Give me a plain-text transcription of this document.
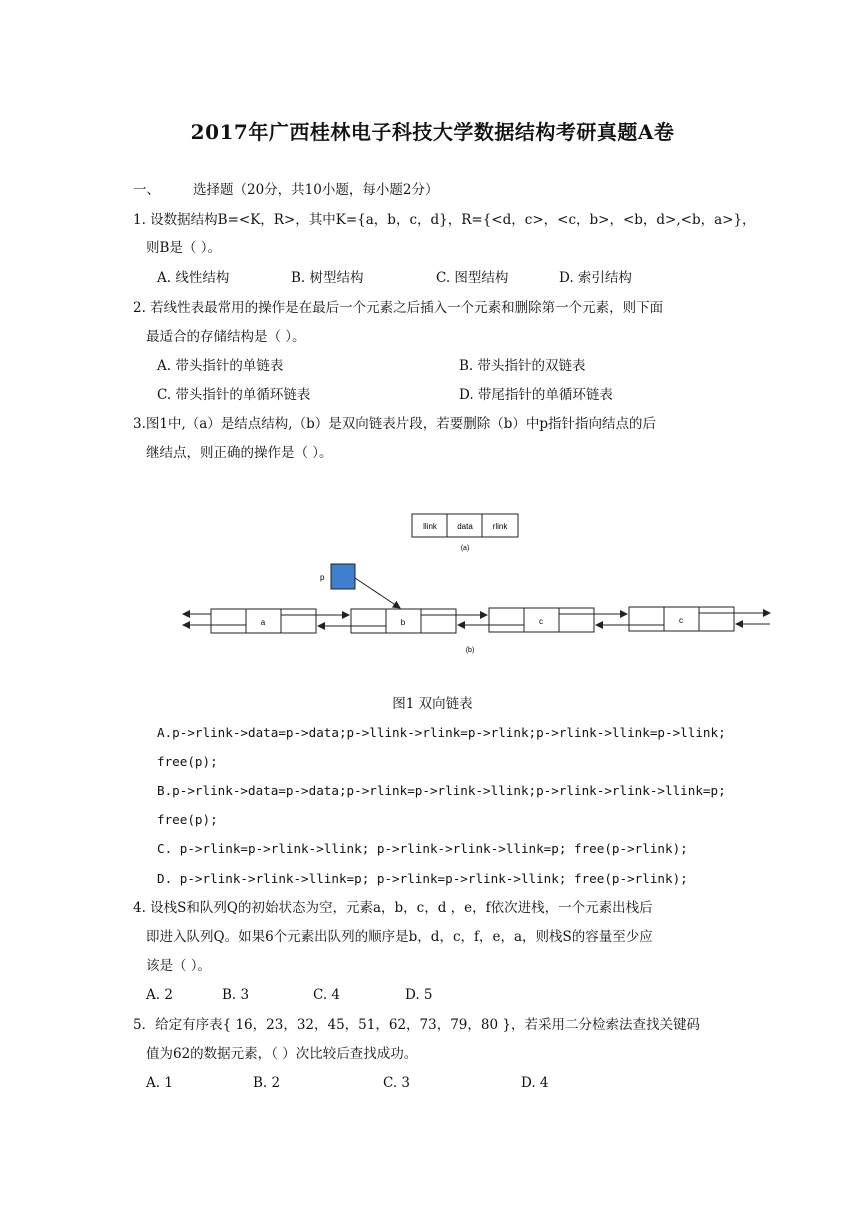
2017年广西桂林电子科技大学数据结构考研真题A卷
一、 选择题（20分，共10小题，每小题2分）
1. 设数据结构B=<K，R>，其中K={a，b，c，d}，R={<d，c>，<c，b>，<b，d>,<b，a>}，
则B是（ ）。
A. 线性结构	B. 树型结构	C. 图型结构	D. 索引结构
2. 若线性表最常用的操作是在最后一个元素之后插入一个元素和删除第一个元素，则下面
最适合的存储结构是（ ）。
A. 带头指针的单链表	B. 带头指针的双链表
C. 带头指针的单循环链表	D. 带尾指针的单循环链表
3.图1中,（a）是结点结构,（b）是双向链表片段，若要删除（b）中p指针指向结点的后
继结点，则正确的操作是（ ）。
llink	data rlink
(a)
p
a	b	c	c
(b)
图1 双向链表
A.p->rlink->data=p->data;p->llink->rlink=p->rlink;p->rlink->llink=p->llink;
free(p);
B.p->rlink->data=p->data;p->rlink=p->rlink->llink;p->rlink->rlink->llink=p;
free(p);
C. p->rlink=p->rlink->llink; p->rlink->rlink->llink=p; free(p->rlink);
D. p->rlink->rlink->llink=p; p->rlink=p->rlink->llink; free(p->rlink);
4. 设栈S和队列Q的初始状态为空，元素a，b，c，d ，e，f依次进栈，一个元素出栈后
即进入队列Q。如果6个元素出队列的顺序是b，d，c，f，e，a，则栈S的容量至少应
该是（ ）。
A. 2	B. 3	C. 4	D. 5
5．给定有序表{ 16，23，32，45，51，62，73，79，80 }，若采用二分检索法查找关键码
值为62的数据元素，（ ）次比较后查找成功。
A. 1	B. 2	C. 3	D. 4
